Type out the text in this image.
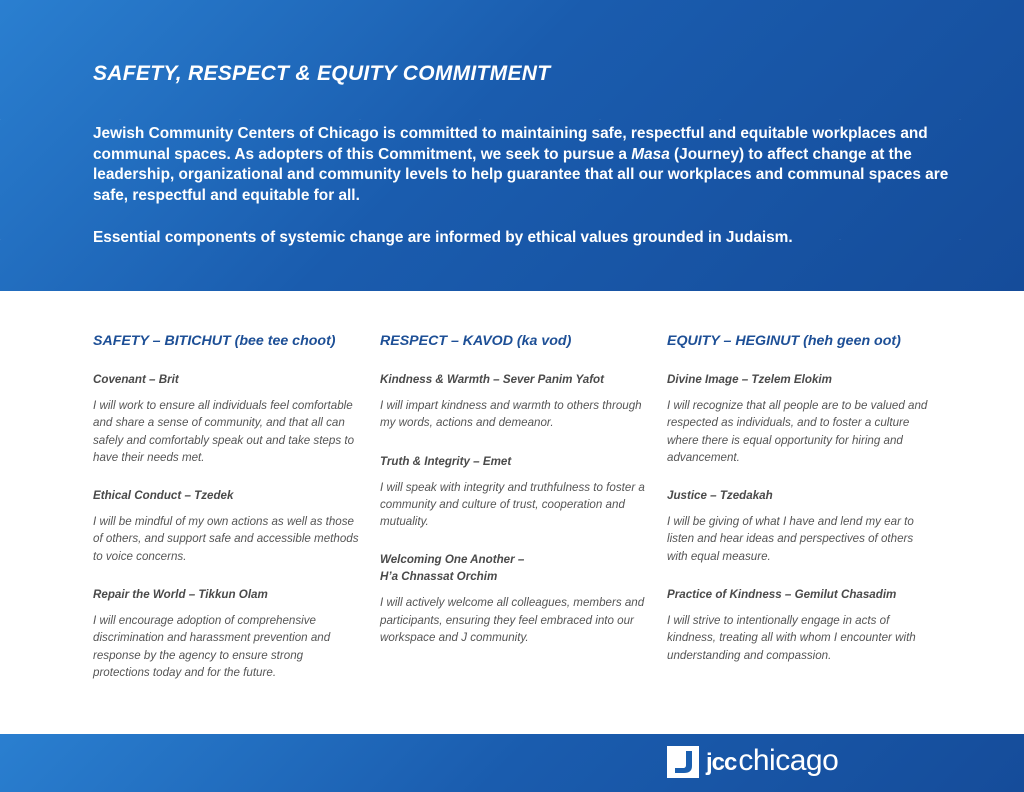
SAFETY, RESPECT & EQUITY COMMITMENT

Jewish Community Centers of Chicago is committed to maintaining safe, respectful and equitable workplaces and communal spaces. As adopters of this Commitment, we seek to pursue a Masa (Journey) to affect change at the leadership, organizational and community levels to help guarantee that all our workplaces and communal spaces are safe, respectful and equitable for all.

Essential components of systemic change are informed by ethical values grounded in Judaism.

SAFETY – BITICHUT (bee tee choot)
Covenant – Brit

I will work to ensure all individuals feel comfortable and share a sense of community, and that all can safely and comfortably speak out and take steps to have their needs met.

Ethical Conduct – Tzedek

I will be mindful of my own actions as well as those of others, and support safe and accessible methods to voice concerns.

Repair the World – Tikkun Olam

I will encourage adoption of comprehensive discrimination and harassment prevention and response by the agency to ensure strong protections today and for the future.

RESPECT – KAVOD (ka vod)
Kindness & Warmth – Sever Panim Yafot

I will impart kindness and warmth to others through my words, actions and demeanor.

Truth & Integrity – Emet

I will speak with integrity and truthfulness to foster a community and culture of trust, cooperation and mutuality.

Welcoming One Another –
H’a Chnassat Orchim

I will actively welcome all colleagues, members and participants, ensuring they feel embraced into our workspace and J community.

EQUITY – HEGINUT (heh geen oot)
Divine Image – Tzelem Elokim

I will recognize that all people are to be valued and respected as individuals, and to foster a culture where there is equal opportunity for hiring and advancement.

Justice – Tzedakah

I will be giving of what I have and lend my ear to listen and hear ideas and perspectives of others with equal measure.

Practice of Kindness – Gemilut Chasadim

I will strive to intentionally engage in acts of kindness, treating all with whom I encounter with understanding and compassion.

jccchicago
